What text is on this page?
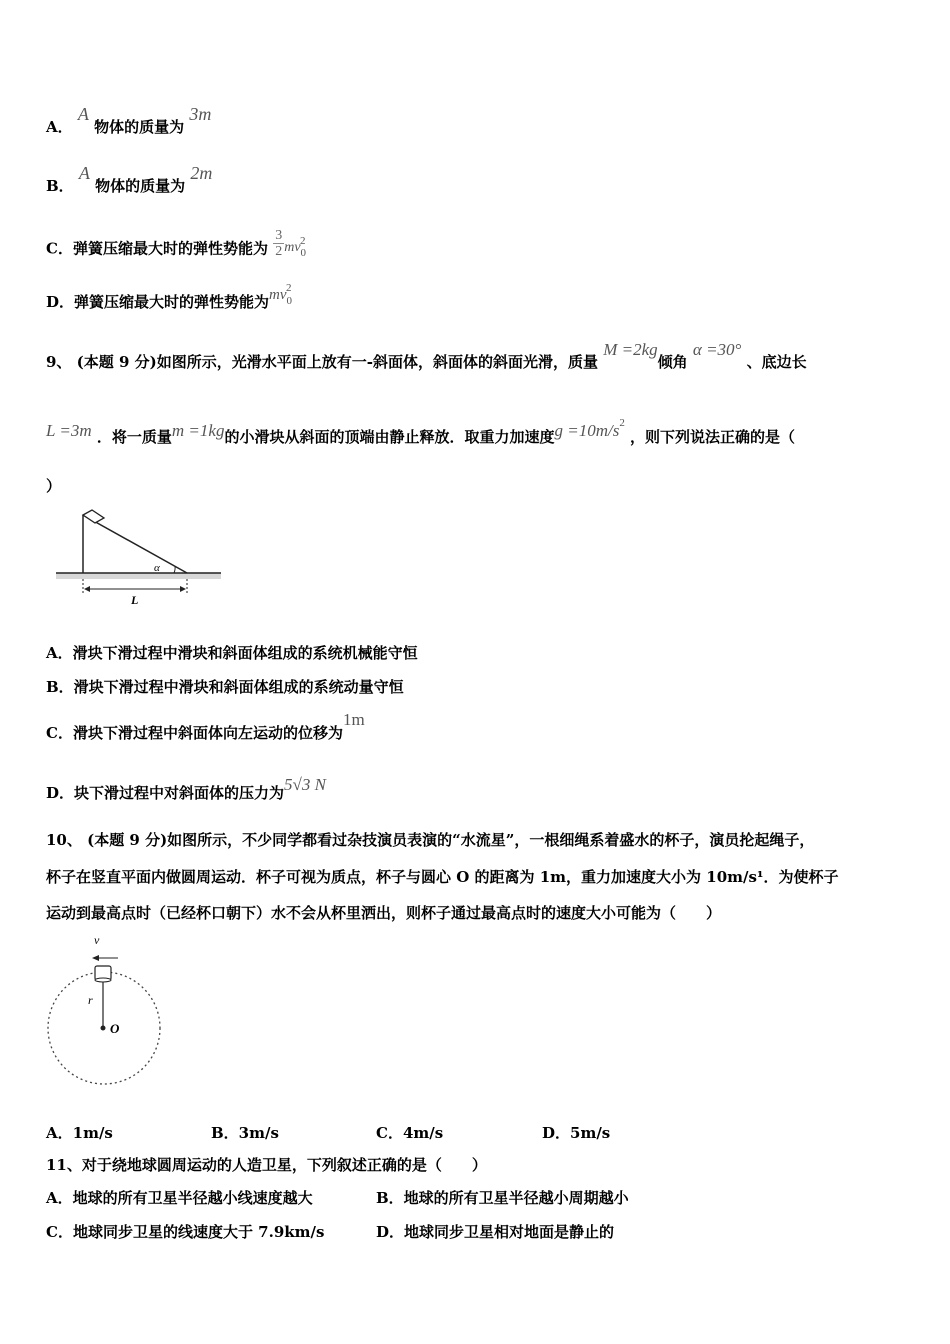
A． A 物体的质量为 3m
B． A 物体的质量为 2m
C．弹簧压缩最大时的弹性势能为 $\frac{3}{2} mv0^2$
D．弹簧压缩最大时的弹性势能为$mv^{02}$
9、 (本题 9 分)如图所示，光滑水平面上放有一-斜面体，斜面体的斜面光滑，质量 M =2kg倾角 α =30° 、底边长
L =3m ．将一质量m =1kg的小滑块从斜面的顶端由静止释放．取重力加速度$g =10m/s^2$ ，则下列说法正确的是（
）
α
L
A．滑块下滑过程中滑块和斜面体组成的系统机械能守恒
B．滑块下滑过程中滑块和斜面体组成的系统动量守恒
C．滑块下滑过程中斜面体向左运动的位移为1m
D．块下滑过程中对斜面体的压力为5√3 N
10、 (本题 9 分)如图所示，不少同学都看过杂技演员表演的“水流星”，一根细绳系着盛水的杯子，演员抡起绳子，
杯子在竖直平面内做圆周运动．杯子可视为质点，杯子与圆心 O 的距离为 1m，重力加速度大小为 10m/s¹．为使杯子
运动到最高点时（已经杯口朝下）水不会从杯里洒出，则杯子通过最高点时的速度大小可能为（　　）
v
r
O
A．1m/s	B．3m/s	C．4m/s	D．5m/s
11、对于绕地球圆周运动的人造卫星，下列叙述正确的是（　　）
A．地球的所有卫星半径越小线速度越大	B．地球的所有卫星半径越小周期越小
C．地球同步卫星的线速度大于 7.9km/s	D．地球同步卫星相对地面是静止的
